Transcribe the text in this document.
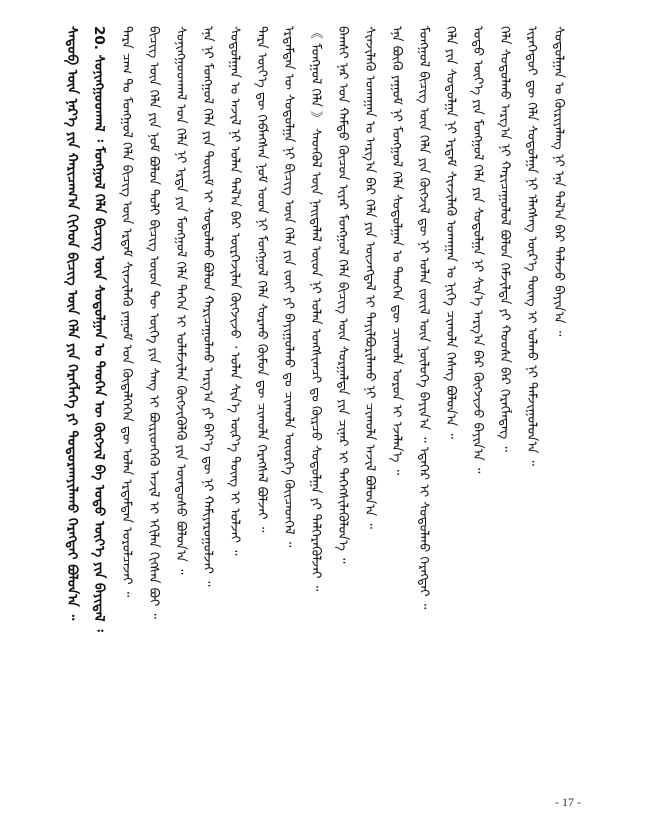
ᠰᠡᠳᠦᠪ ᠦᠨ ᠨᠡᠷ᠎ᠡ ᠶᠢᠨ ᠬᠠᠷᠢᠴᠠᠭ᠎ᠠ ᠬᠢᠭᠡᠳ ᠪᠢᠴᠢᠭ ᠦᠨ ᠬᠡᠯᠡ ᠶᠢᠨ ᠬᠡᠷᠡᠭᠯᠡᠭᠡ ᠶᠢ ᠲᠣᠳᠣᠷᠬᠠᠶᠢᠯᠠᠬᠤ ᠬᠡᠷᠡᠭᠲᠡᠢ ᠪᠣᠯᠤᠨ᠎ᠠ ᠃ 20. ᠰᠣᠨᠢᠩᠭᠤᠳᠬᠠᠯ ᠄ ᠮᠣᠩᠭᠣᠯ ᠬᠡᠯᠡ ᠪᠢᠴᠢᠭ ᠦᠨ ᠰᠤᠳᠤᠯᠭᠠᠨ ᠤ ᠲᠡᠦᠬᠡᠨ ᠦ ᠬᠥᠭᠵᠢᠯ ᠪᠠ ᠣᠳᠣ ᠦᠶ᠎ᠡ ᠶᠢᠨ ᠪᠠᠶᠢᠳᠠᠯ ᠄ ᠲᠡᠷᠡ ᠴᠠᠭ ᠲᠤ ᠮᠣᠩᠭᠣᠯ ᠬᠡᠯᠡ ᠪᠢᠴᠢᠭ ᠦᠨ ᠡᠷᠳᠡᠮ ᠰᠢᠨᠵᠢᠯᠡᠬᠦ ᠶᠠᠭᠤᠮ ᠤᠨ ᠬᠥᠳᠡᠯᠭᠡᠭᠡᠨ ᠳᠦ ᠣᠯᠠᠨ ᠡᠷᠳᠡᠮᠲᠡᠨ ᠣᠷᠣᠯᠴᠠᠵᠠᠢ ᠃ ᠪᠢᠴᠢᠭ ᠦᠨ ᠬᠡᠯᠡ ᠶᠢᠨ ᠨᠣᠮ ᠪᠣᠯᠤᠨ ᠲᠣᠯᠢ ᠪᠢᠴᠢᠭ ᠦᠳ ᠲᠦ ᠦᠭᠡ ᠶᠢᠨ ᠰᠠᠩ ᠢ ᠪᠦᠷᠢᠳᠬᠡᠬᠦ ᠠᠵᠢᠯ ᠢ ᠡᠬᠢᠯᠡᠨ ᠬᠢᠭᠰᠡᠨ ᠪᠤᠶ ᠃ ᠰᠣᠨᠢᠩᠭᠤᠳᠬᠠᠯ ᠤᠨ ᠬᠡᠯᠡ ᠨᠢ ᠡᠷᠲᠡ ᠶᠢᠨ ᠮᠣᠩᠭᠣᠯ ᠬᠡᠯᠡ ᠲᠡᠭᠡᠨ ᠢ ᠤᠯᠠᠮᠵᠢᠯᠠᠨ ᠬᠥᠭᠵᠢᠭᠦᠯᠬᠦ ᠶᠢᠨ ᠦᠨᠳᠦᠰᠦ ᠪᠣᠯᠤᠨ᠎ᠠ ᠃ ᠡᠨᠡ ᠨᠢ ᠮᠣᠩᠭᠣᠯ ᠬᠡᠯᠡ ᠶᠢᠨ ᠳᠦᠷᠢᠮ ᠢ ᠰᠤᠳᠤᠯᠬᠤ ᠪᠣᠯᠤᠨ ᠬᠠᠷᠢᠴᠠᠭᠤᠯᠬᠤ ᠠᠷᠭ᠎ᠠ ᠶᠢ ᠪᠡᠶ᠎ᠡ ᠳᠦ ᠨᠢ ᠬᠠᠮᠢᠶᠠᠷᠤᠭᠤᠯᠵᠠᠢ ᠃ ᠰᠤᠳᠤᠯᠭᠠᠨ ᠤ ᠠᠵᠢᠯ ᠨᠢ ᠣᠯᠠᠨ ᠲᠠᠯ᠎ᠠ ᠪᠠᠷ ᠦᠷᠭᠡᠵᠢᠯᠡᠨ ᠬᠥᠭᠵᠢᠵᠦ ᠂ ᠣᠯᠠᠨ ᠰᠢᠨ᠎ᠡ ᠦᠷ᠎ᠡ ᠳᠦᠩ ᠢ ᠣᠯᠵᠠᠢ ᠃ ᠲᠡᠷᠡ ᠦᠶ᠎ᠡ ᠳᠦ ᠬᠡᠪᠯᠡᠭᠰᠡᠨ ᠨᠣᠮ ᠤᠳ ᠨᠢ ᠮᠣᠩᠭᠣᠯ ᠬᠡᠯᠡ ᠰᠤᠷᠬᠤ ᠬᠦᠮᠦᠨ ᠳᠦ ᠴᠢᠬᠤᠯᠠ ᠬᠡᠷᠡᠭᠰᠡᠯ ᠪᠣᠯᠵᠠᠢ ᠃ ᠡᠷᠳᠡᠮᠲᠡᠨ ᠦ ᠰᠤᠳᠤᠯᠭᠠ ᠨᠢ ᠪᠢᠴᠢᠭ ᠦᠨ ᠬᠡᠯᠡ ᠶᠢᠨ ᠵᠦᠢ ᠶᠢ ᠪᠠᠶᠢᠭᠤᠯᠬᠤ ᠳᠤ ᠴᠢᠬᠤᠯᠠ ᠦᠦᠷᠭᠡ ᠭᠦᠢᠴᠡᠳᠬᠡᠯ ᠃ 《 ᠮᠣᠩᠭᠣᠯ ᠬᠡᠯᠡ 》 ᠰᠡᠳᠬᠦᠯ ᠦᠨ ᠨᠡᠢᠲᠡᠯᠡᠯ ᠦᠳ ᠨᠢ ᠣᠯᠠᠨ ᠤᠩᠰᠢᠭᠴᠢ ᠳᠤ ᠬᠦᠷᠴᠦ ᠰᠤᠳᠤᠯᠭᠠ ᠶᠢ ᠳᠡᠯᠭᠡᠷᠡᠭᠦᠯᠵᠡᠢ ᠃ ᠪᠠᠭᠰᠢ ᠨᠠᠷ ᠤᠨ ᠬᠠᠮᠲᠤ ᠬᠦᠴᠦᠨ ᠢᠶᠡᠷ ᠮᠣᠩᠭᠣᠯ ᠬᠡᠯᠡ ᠪᠢᠴᠢᠭ ᠦᠨ ᠰᠤᠷᠭᠠᠯᠲᠠ ᠶᠢᠨ ᠴᠢᠨᠠᠷ ᠢ ᠳᠡᠭᠡᠭᠰᠢᠯᠡᠭᠦᠯᠦᠨ᠎ᠡ ᠃ ᠰᠢᠨᠵᠢᠯᠡᠬᠦ ᠤᠬᠠᠭᠠᠨ ᠤ ᠠᠷᠭ᠎ᠠ ᠪᠠᠷ ᠬᠡᠯᠡ ᠶᠢᠨ ᠦᠵᠡᠭᠳᠡᠯ ᠢ ᠲᠠᠶᠢᠯᠪᠤᠷᠢᠯᠠᠬᠤ ᠨᠢ ᠴᠢᠬᠤᠯᠠ ᠠᠵᠢᠯ ᠪᠣᠯᠤᠨ᠎ᠠ ᠃ ᠡᠨᠡ ᠪᠦᠬᠦ ᠶᠠᠭᠤᠮ ᠨᠢ ᠮᠣᠩᠭᠣᠯ ᠬᠡᠯᠡ ᠰᠤᠳᠤᠯᠭᠠᠨ ᠤ ᠲᠡᠦᠬᠡᠨ ᠳᠦ ᠴᠢᠬᠤᠯᠠ ᠣᠷᠣᠨ ᠢ ᠡᠵᠡᠯᠡᠨ᠎ᠡ ᠃ ᠮᠣᠩᠭᠣᠯ ᠪᠢᠴᠢᠭ ᠦᠨ ᠬᠡᠯᠡ ᠶᠢᠨ ᠬᠥᠭᠵᠢᠯ ᠳᠦ ᠨᠢ ᠣᠯᠠᠨ ᠵᠦᠢᠯ ᠦᠨ ᠨᠥᠯᠦᠭᠡ ᠪᠠᠶᠢᠨ᠎ᠠ ᠃ ᠡᠳᠡᠭᠡᠷ ᠢ ᠰᠤᠳᠤᠯᠬᠤ ᠬᠡᠷᠡᠭᠲᠡᠢ ᠃ ᠬᠡᠯᠡ ᠶᠢᠨ ᠰᠤᠳᠤᠯᠭᠠ ᠨᠢ ᠡᠷᠳᠡᠮ ᠰᠢᠨᠵᠢᠯᠡᠬᠦ ᠤᠬᠠᠭᠠᠨ ᠤ ᠨᠢᠭᠡ ᠴᠢᠬᠤᠯᠠ ᠬᠡᠰᠡᠭ ᠪᠣᠯᠤᠨ᠎ᠠ ᠃ ᠣᠳᠣ ᠦᠶ᠎ᠡ ᠶᠢᠨ ᠮᠣᠩᠭᠣᠯ ᠬᠡᠯᠡ ᠶᠢᠨ ᠰᠤᠳᠤᠯᠭᠠ ᠨᠢ ᠰᠢᠨ᠎ᠡ ᠠᠷᠭ᠎ᠠ ᠪᠠᠷ ᠬᠥᠭᠵᠢᠵᠦ ᠪᠠᠶᠢᠨ᠎ᠠ ᠃ ᠬᠡᠯᠡ ᠰᠤᠳᠤᠯᠬᠤ ᠠᠷᠭ᠎ᠠ ᠨᠢ ᠬᠠᠷᠢᠴᠠᠭᠤᠯᠤᠯ ᠪᠣᠯᠤᠨ ᠬᠡᠮᠵᠢᠯᠲᠡ ᠶᠢ ᠬᠣᠣᠰᠠ ᠪᠠᠷ ᠬᠡᠷᠡᠭᠯᠡᠳᠡᠭ ᠃ ᠢᠷᠡᠭᠡᠳᠦᠢ ᠳᠦ ᠬᠡᠯᠡ ᠰᠤᠳᠤᠯᠭᠠ ᠨᠢ ᠡᠯᠡᠭᠰᠡᠭ ᠦᠷ᠎ᠡ ᠳᠦᠩ ᠢ ᠣᠯᠬᠤ ᠨᠢ ᠳᠠᠮᠵᠢᠭᠤᠯᠤᠨ᠎ᠠ ᠃ ᠰᠤᠳᠤᠯᠭᠠᠨ ᠤ ᠬᠦᠷᠢᠶᠡᠯᠡᠩ ᠨᠢ ᠡᠨᠡ ᠲᠠᠯ᠎ᠠ ᠪᠠᠷ ᠲᠡᠯᠡᠵᠦ ᠪᠠᠶᠢᠨ᠎ᠠ ᠃
- 17 -
